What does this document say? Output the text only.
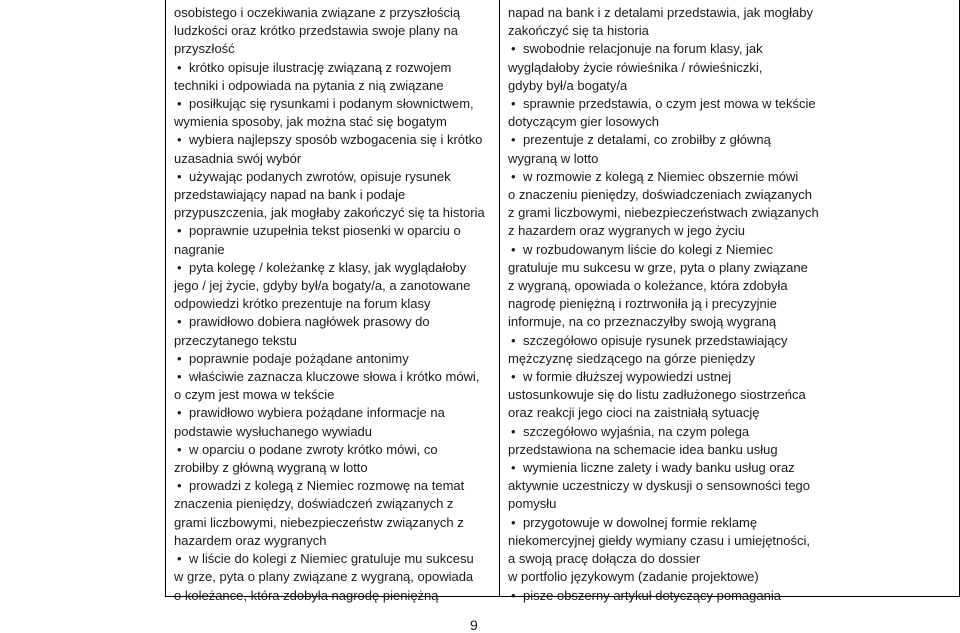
osobistego i oczekiwania związane z przyszłością

ludzkości oraz krótko przedstawia swoje plany na

przyszłość

• krótko opisuje ilustrację związaną z rozwojem

techniki i odpowiada na pytania z nią związane

• posiłkując się rysunkami i podanym słownictwem,

wymienia sposoby, jak można stać się bogatym

• wybiera najlepszy sposób wzbogacenia się i krótko

uzasadnia swój wybór

• używając podanych zwrotów, opisuje rysunek

przedstawiający napad na bank i podaje

przypuszczenia, jak mogłaby zakończyć się ta historia

• poprawnie uzupełnia tekst piosenki w oparciu o

nagranie

• pyta kolegę / koleżankę z klasy, jak wyglądałoby

jego / jej życie, gdyby był/a bogaty/a, a zanotowane

odpowiedzi krótko prezentuje na forum klasy

• prawidłowo dobiera nagłówek prasowy do

przeczytanego tekstu

• poprawnie podaje pożądane antonimy

• właściwie zaznacza kluczowe słowa i krótko mówi,

o czym jest mowa w tekście

• prawidłowo wybiera pożądane informacje na

podstawie wysłuchanego wywiadu

• w oparciu o podane zwroty krótko mówi, co

zrobiłby z główną wygraną w lotto

• prowadzi z kolegą z Niemiec rozmowę na temat

znaczenia pieniędzy, doświadczeń związanych z

grami liczbowymi, niebezpieczeństw związanych z

hazardem oraz wygranych

• w liście do kolegi z Niemiec gratuluje mu sukcesu

w grze, pyta o plany związane z wygraną, opowiada

o koleżance, która zdobyła nagrodę pieniężną

napad na bank i z detalami przedstawia, jak mogłaby

zakończyć się ta historia

• swobodnie relacjonuje na forum klasy, jak

wyglądałoby życie rówieśnika / rówieśniczki,

gdyby był/a bogaty/a

• sprawnie przedstawia, o czym jest mowa w tekście

dotyczącym gier losowych

• prezentuje z detalami, co zrobiłby z główną

wygraną w lotto

• w rozmowie z kolegą z Niemiec obszernie mówi

o znaczeniu pieniędzy, doświadczeniach związanych

z grami liczbowymi, niebezpieczeństwach związanych

z hazardem oraz wygranych w jego życiu

• w rozbudowanym liście do kolegi z Niemiec

gratuluje mu sukcesu w grze, pyta o plany związane

z wygraną, opowiada o koleżance, która zdobyła

nagrodę pieniężną i roztrwoniła ją i precyzyjnie

informuje, na co przeznaczyłby swoją wygraną

• szczegółowo opisuje rysunek przedstawiający

mężczyznę siedzącego na górze pieniędzy

• w formie dłuższej wypowiedzi ustnej

ustosunkowuje się do listu zadłużonego siostrzeńca

oraz reakcji jego cioci na zaistniałą sytuację

• szczegółowo wyjaśnia, na czym polega

przedstawiona na schemacie idea banku usług

• wymienia liczne zalety i wady banku usług oraz

aktywnie uczestniczy w dyskusji o sensowności tego

pomysłu

• przygotowuje w dowolnej formie reklamę

niekomercyjnej giełdy wymiany czasu i umiejętności,

a swoją pracę dołącza do dossier

w portfolio językowym (zadanie projektowe)

• pisze obszerny artykuł dotyczący pomagania

9
